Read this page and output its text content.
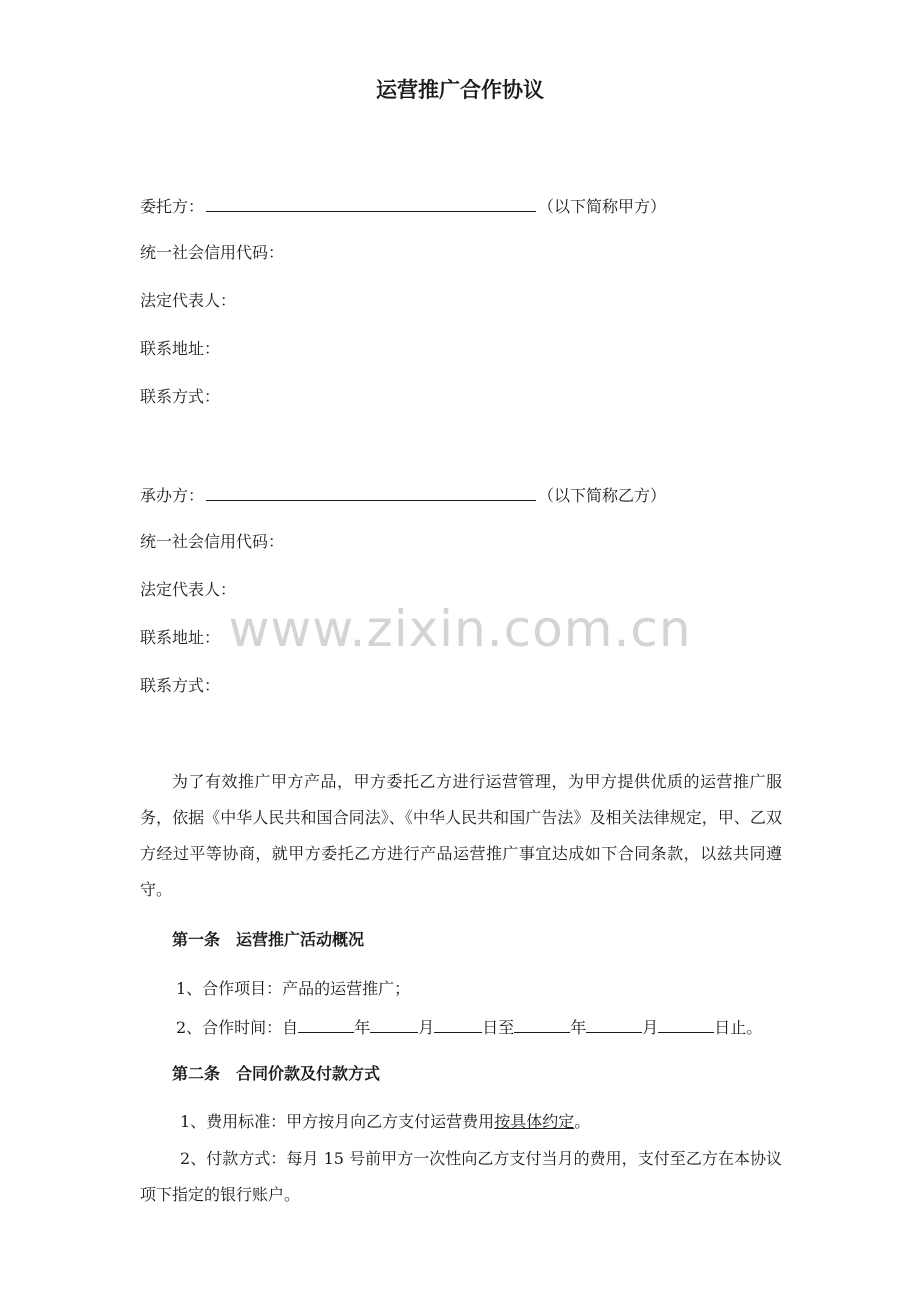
运营推广合作协议
委托方：	（以下简称甲方）
统一社会信用代码：
法定代表人：
联系地址：
联系方式：
承办方：	（以下简称乙方）
统一社会信用代码：
法定代表人：
联系地址：
联系方式：
www.zixin.com.cn
为了有效推广甲方产品，甲方委托乙方进行运营管理，为甲方提供优质的运营推广服务，依据《中华人民共和国合同法》、《中华人民共和国广告法》及相关法律规定，甲、乙双方经过平等协商，就甲方委托乙方进行产品运营推广事宜达成如下合同条款，以兹共同遵守。
第一条 运营推广活动概况
1、合作项目：产品的运营推广；
2、合作时间：自	年	月	日至	年	月	日止。
第二条 合同价款及付款方式
1、费用标准：甲方按月向乙方支付运营费用按具体约定。
2、付款方式：每月 15 号前甲方一次性向乙方支付当月的费用，支付至乙方在本协议项下指定的银行账户。
